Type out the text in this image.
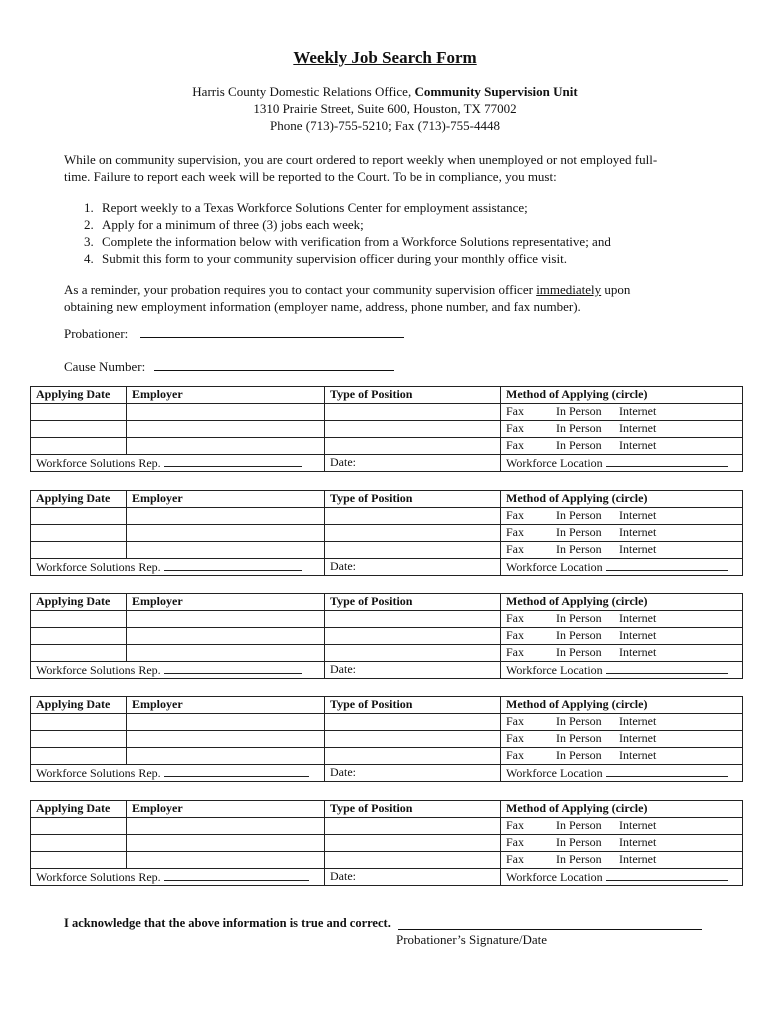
Weekly Job Search Form
Harris County Domestic Relations Office, Community Supervision Unit
1310 Prairie Street, Suite 600, Houston, TX 77002
Phone (713)-755-5210; Fax (713)-755-4448
While on community supervision, you are court ordered to report weekly when unemployed or not employed full-
time. Failure to report each week will be reported to the Court. To be in compliance, you must:
1. Report weekly to a Texas Workforce Solutions Center for employment assistance;
2. Apply for a minimum of three (3) jobs each week;
3. Complete the information below with verification from a Workforce Solutions representative; and
4. Submit this form to your community supervision officer during your monthly office visit.
As a reminder, your probation requires you to contact your community supervision officer immediately upon
obtaining new employment information (employer name, address, phone number, and fax number).
Probationer:
Cause Number:
Applying Date	Employer	Type of Position	Method of Applying (circle)
			Fax In Person Internet
			Fax In Person Internet
			Fax In Person Internet
Workforce Solutions Rep.		Date:	Workforce Location
Applying Date	Employer	Type of Position	Method of Applying (circle)
			Fax In Person Internet
			Fax In Person Internet
			Fax In Person Internet
Workforce Solutions Rep.		Date:	Workforce Location
Applying Date	Employer	Type of Position	Method of Applying (circle)
			Fax In Person Internet
			Fax In Person Internet
			Fax In Person Internet
Workforce Solutions Rep.		Date:	Workforce Location
Applying Date	Employer	Type of Position	Method of Applying (circle)
			Fax In Person Internet
			Fax In Person Internet
			Fax In Person Internet
Workforce Solutions Rep.		Date:	Workforce Location
Applying Date	Employer	Type of Position	Method of Applying (circle)
			Fax In Person Internet
			Fax In Person Internet
			Fax In Person Internet
Workforce Solutions Rep.		Date:	Workforce Location
I acknowledge that the above information is true and correct.
Probationer’s Signature/Date
